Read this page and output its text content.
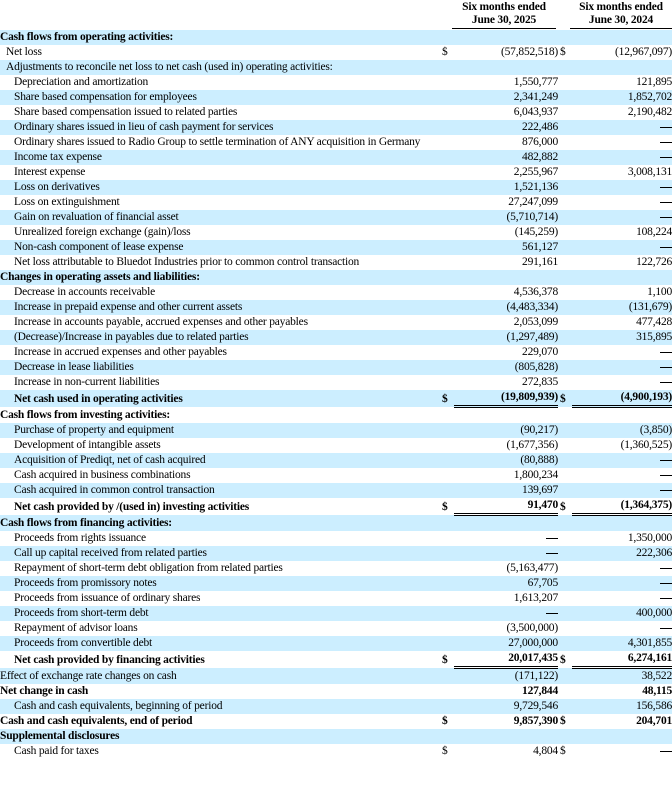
Six months ended
June 30, 2025
Six months ended
June 30, 2024
Cash flows from operating activities:				
Net loss	$	(57,852,518)	$	(12,967,097)
Adjustments to reconcile net loss to net cash (used in) operating activities:				
Depreciation and amortization		1,550,777		121,895
Share based compensation for employees		2,341,249		1,852,702
Share based compensation issued to related parties		6,043,937		2,190,482
Ordinary shares issued in lieu of cash payment for services		222,486		
Ordinary shares issued to Radio Group to settle termination of ANY acquisition in Germany		876,000		
Income tax expense		482,882		
Interest expense		2,255,967		3,008,131
Loss on derivatives		1,521,136		
Loss on extinguishment		27,247,099		
Gain on revaluation of financial asset		(5,710,714)		
Unrealized foreign exchange (gain)/loss		(145,259)		108,224
Non-cash component of lease expense		561,127		
Net loss attributable to Bluedot Industries prior to common control transaction		291,161		122,726
Changes in operating assets and liabilities:				
Decrease in accounts receivable		4,536,378		1,100
Increase in prepaid expense and other current assets		(4,483,334)		(131,679)
Increase in accounts payable, accrued expenses and other payables		2,053,099		477,428
(Decrease)/Increase in payables due to related parties		(1,297,489)		315,895
Increase in accrued expenses and other payables		229,070		
Decrease in lease liabilities		(805,828)		
Increase in non-current liabilities		272,835		
Net cash used in operating activities	$	(19,809,939)	$	(4,900,193)
Cash flows from investing activities:				
Purchase of property and equipment		(90,217)		(3,850)
Development of intangible assets		(1,677,356)		(1,360,525)
Acquisition of Prediqt, net of cash acquired		(80,888)		
Cash acquired in business combinations		1,800,234		
Cash acquired in common control transaction		139,697		
Net cash provided by /(used in) investing activities	$	91,470	$	(1,364,375)
Cash flows from financing activities:				
Proceeds from rights issuance				1,350,000
Call up capital received from related parties				222,306
Repayment of short-term debt obligation from related parties		(5,163,477)		
Proceeds from promissory notes		67,705		
Proceeds from issuance of ordinary shares		1,613,207		
Proceeds from short-term debt				400,000
Repayment of advisor loans		(3,500,000)		
Proceeds from convertible debt		27,000,000		4,301,855
Net cash provided by financing activities	$	20,017,435	$	6,274,161
Effect of exchange rate changes on cash		(171,122)		38,522
Net change in cash		127,844		48,115
Cash and cash equivalents, beginning of period		9,729,546		156,586
Cash and cash equivalents, end of period	$	9,857,390	$	204,701
Supplemental disclosures				
Cash paid for taxes	$	4,804	$	
